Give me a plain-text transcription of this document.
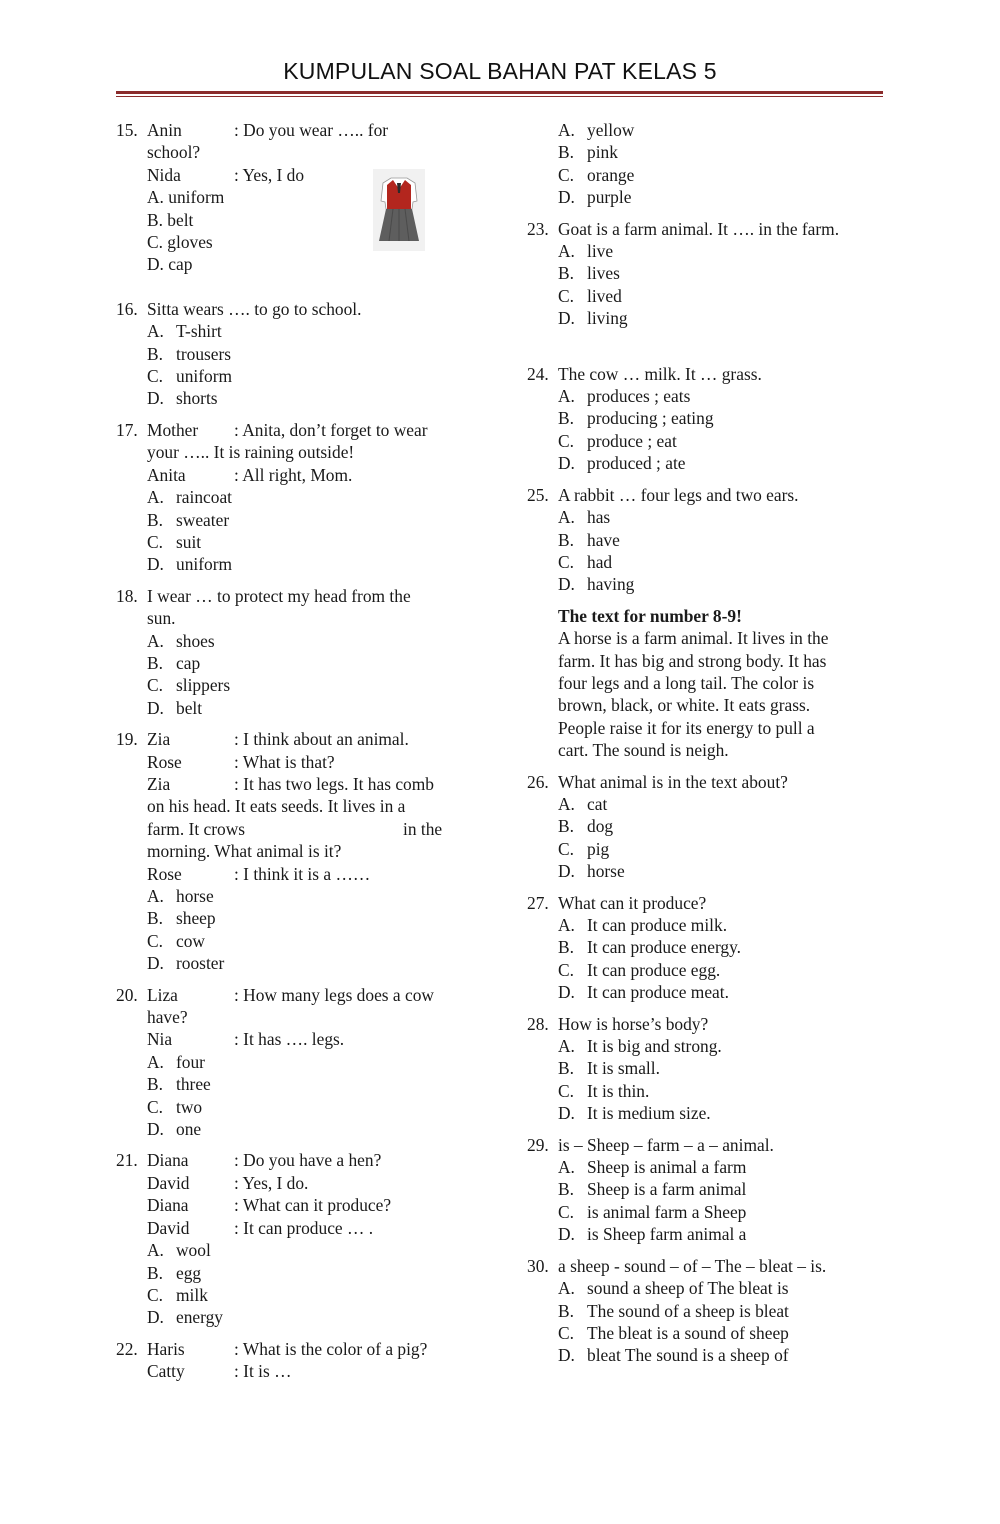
KUMPULAN SOAL BAHAN PAT KELAS 5
15. Anin	: Do you wear ….. for
school?
Nida	: Yes, I do
A. uniform
B. belt
C. gloves
D. cap
16. Sitta wears …. to go to school.
A. T-shirt
B. trousers
C. uniform
D. shorts
17. Mother	: Anita, don’t forget to wear
your ….. It is raining outside!
Anita	: All right, Mom.
A. raincoat
B. sweater
C. suit
D. uniform
18. I wear … to protect my head from the
sun.
A. shoes
B. cap
C. slippers
D. belt
19. Zia	: I think about an animal.
Rose	: What is that?
Zia	: It has two legs. It has comb
on his head. It eats seeds. It lives in a
farm. It crows	in the
morning. What animal is it?
Rose	: I think it is a ……
A. horse
B. sheep
C. cow
D. rooster
20. Liza	: How many legs does a cow
have?
Nia	: It has …. legs.
A. four
B. three
C. two
D. one
21. Diana	: Do you have a hen?
David	: Yes, I do.
Diana	: What can it produce?
David	: It can produce … .
A. wool
B. egg
C. milk
D. energy
22. Haris	: What is the color of a pig?
Catty	: It is …
A. yellow
B. pink
C. orange
D. purple
23. Goat is a farm animal. It …. in the farm.
A. live
B. lives
C. lived
D. living
24. The cow … milk. It … grass.
A. produces ; eats
B. producing ; eating
C. produce ; eat
D. produced ; ate
25. A rabbit … four legs and two ears.
A. has
B. have
C. had
D. having
The text for number 8-9!
A horse is a farm animal. It lives in the
farm. It has big and strong body. It has
four legs and a long tail. The color is
brown, black, or white. It eats grass.
People raise it for its energy to pull a
cart. The sound is neigh.
26. What animal is in the text about?
A. cat
B. dog
C. pig
D. horse
27. What can it produce?
A. It can produce milk.
B. It can produce energy.
C. It can produce egg.
D. It can produce meat.
28. How is horse’s body?
A. It is big and strong.
B. It is small.
C. It is thin.
D. It is medium size.
29. is – Sheep – farm – a – animal.
A. Sheep is animal a farm
B. Sheep is a farm animal
C. is animal farm a Sheep
D. is Sheep farm animal a
30. a sheep - sound – of – The – bleat – is.
A. sound a sheep of The bleat is
B. The sound of a sheep is bleat
C. The bleat is a sound of sheep
D. bleat The sound is a sheep of
